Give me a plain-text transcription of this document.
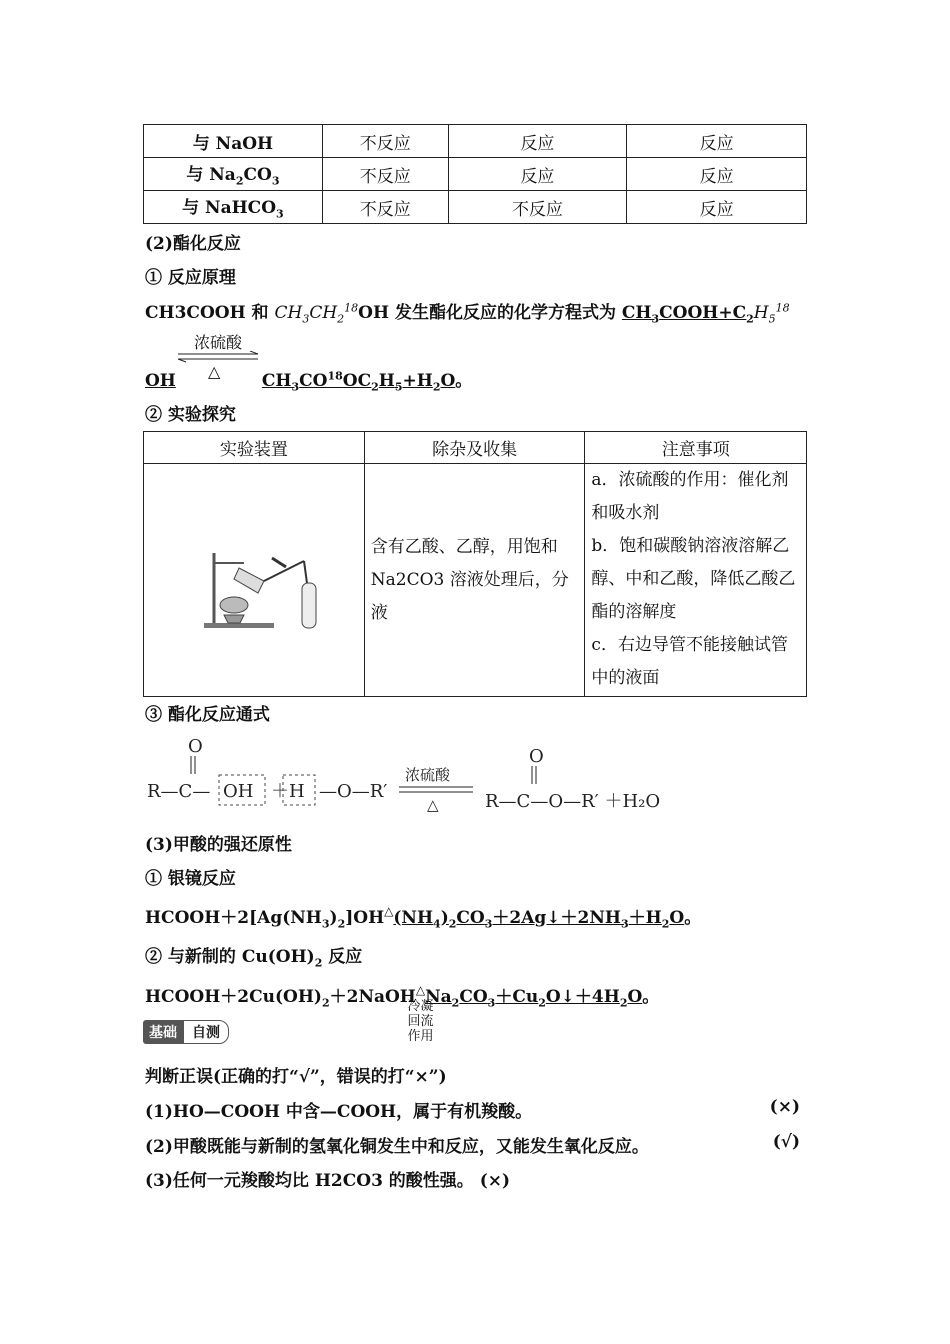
与 NaOH	不反应	反应	反应
与 $Na_2CO_3$	不反应	反应	反应
与 NaHCO$_3$	不反应	不反应	反应
(2)酯化反应
① 反应原理
CH3COOH 和 $CH_3CH_2^{18}OH$ 发生酯化反应的化学方程式为 $CH_3COOH+C_2H_5^{18}$
浓硫酸
△
OH	$CH_3CO^{18}OC_2H_5+H_2O$。
② 实验探究
实验装置	除杂及收集	注意事项

冷凝回流作用	含有乙酸、乙醇，用饱和 Na2CO3 溶液处理后，分液	a．浓硫酸的作用：催化剂和吸水剂
b．饱和碳酸钠溶液溶解乙醇、中和乙酸，降低乙酸乙酯的溶解度
c．右边导管不能接触试管中的液面
③ 酯化反应通式
O
R—C— OH ＋H —O—R′
浓硫酸
△
O
R—C—O—R′ ＋H₂O
(3)甲酸的强还原性
① 银镜反应
$HCOOH+2[Ag(NH_3)_2]OH^\triangle(NH_4)_2CO_3+2Ag↓+2NH_3+H_2O$。
② 与新制的 $Cu(OH)_2$ 反应
$HCOOH+2Cu(OH)_2+2NaOH^\triangle Na_2CO_3+Cu_2O↓+4H_2O$。
基础 自测
判断正误(正确的打“√”，错误的打“×”)
(1)HO—COOH 中含—COOH，属于有机羧酸。	(×)
(2)甲酸既能与新制的氢氧化铜发生中和反应，又能发生氧化反应。	(√)
(3)任何一元羧酸均比 H2CO3 的酸性强。 (×)
